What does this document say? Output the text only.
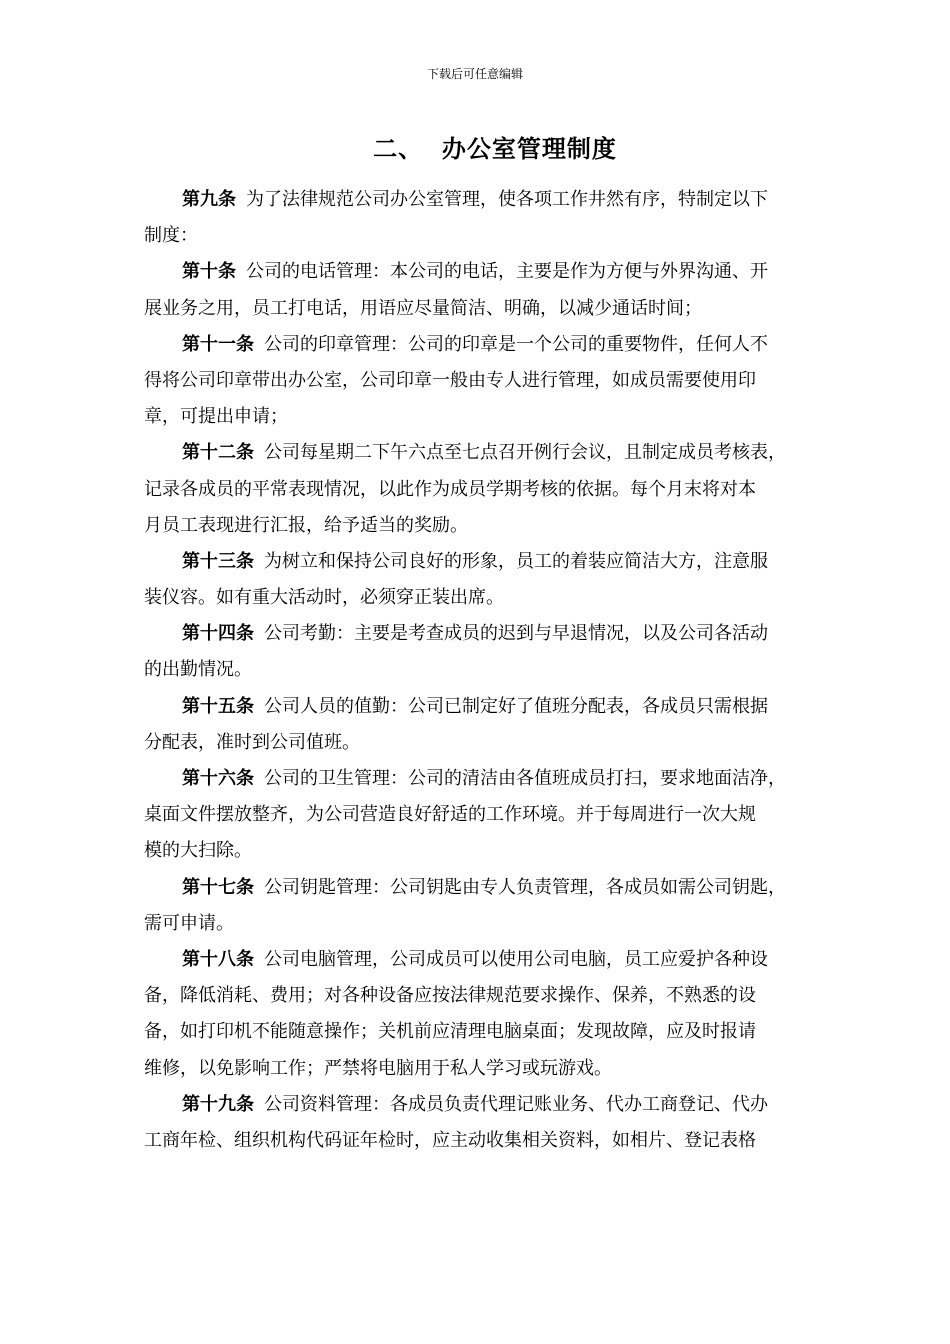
下载后可任意编辑
二、  办公室管理制度
第九条 为了法律规范公司办公室管理，使各项工作井然有序，特制定以下
制度：
第十条 公司的电话管理：本公司的电话，主要是作为方便与外界沟通、开
展业务之用，员工打电话，用语应尽量简洁、明确，以减少通话时间；
第十一条 公司的印章管理：公司的印章是一个公司的重要物件，任何人不
得将公司印章带出办公室，公司印章一般由专人进行管理，如成员需要使用印
章，可提出申请；
第十二条 公司每星期二下午六点至七点召开例行会议，且制定成员考核表，
记录各成员的平常表现情况，以此作为成员学期考核的依据。每个月末将对本
月员工表现进行汇报，给予适当的奖励。
第十三条 为树立和保持公司良好的形象，员工的着装应简洁大方，注意服
装仪容。如有重大活动时，必须穿正装出席。
第十四条 公司考勤：主要是考查成员的迟到与早退情况，以及公司各活动
的出勤情况。
第十五条 公司人员的值勤：公司已制定好了值班分配表，各成员只需根据
分配表，准时到公司值班。
第十六条 公司的卫生管理：公司的清洁由各值班成员打扫，要求地面洁净，
桌面文件摆放整齐，为公司营造良好舒适的工作环境。并于每周进行一次大规
模的大扫除。
第十七条 公司钥匙管理：公司钥匙由专人负责管理，各成员如需公司钥匙，
需可申请。
第十八条 公司电脑管理，公司成员可以使用公司电脑，员工应爱护各种设
备，降低消耗、费用；对各种设备应按法律规范要求操作、保养，不熟悉的设
备，如打印机不能随意操作；关机前应清理电脑桌面；发现故障，应及时报请
维修，以免影响工作；严禁将电脑用于私人学习或玩游戏。
第十九条 公司资料管理：各成员负责代理记账业务、代办工商登记、代办
工商年检、组织机构代码证年检时，应主动收集相关资料，如相片、登记表格
